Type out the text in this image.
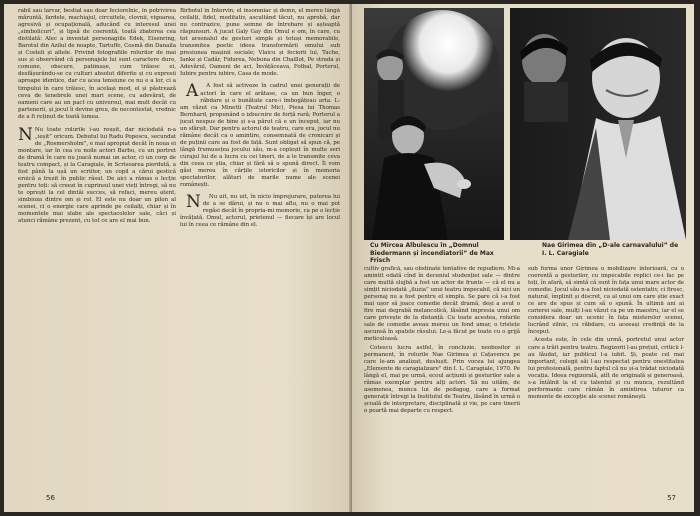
rabil sau larvar, bestial sau doar feciorelnic, în potrivirea măruntă, fardele, machiajul, circuitele, clovnii, vigoarea, agresivă și ocupațională, aducând cu interesul unei „simbolicuri”, și lipsă de coerentă, toată zbaterea cea distilată: Alec a inventat personagiile Edek, Eisenring, Barotul din Azilul de noapte, Tartuffe, Cosmă din Danaila și Costeli și altele. Privind fotografiile rolurilor de mai sus și observând că personajele lui sunt caractere dure, comune, obscure, patimașe, cum trăiesc ei, desfășurându-se cu culturi absolut diferite și cu expresii aproape identice, dar cu acea tensiune ce nu e a lor, ci a timpului în care trăiesc, în același mod, el și păstrează ceva de tenebrele unei mari scene, cu adevărat, de oameni care au un pact cu universul, mai mult decât cu partenerii, și jocul îi devine greu, de necontestat, vrednic de a fi reținut de toată lumea.

N Nu toate rolurile i-au reușit, dar niciodată n-a „ieșit” oricum. Debutul lui Radu Popescu, secundat de „Rosmersholm”, e mai apropiat decât în noua ei montare, iar în cea cu noile actori Barbu, cu un portret de dramă în care nu joacă numai un actor, ci un corp de teatru compact, și la Caragiale, în Scrisoarea pierdută, a fost până la ușă un scriitor, un copil a cărui gestică eroică a trezit în public râsul. De aici a rămas o lecție pentru toți: să creezi în cuprinsul unei vieți întregi, să nu te oprești la cel dintâi succes, să refaci, mereu atent, simbioza dintre om și rol. El este nu doar un pilon al scenei, ci o energie care aprinde pe ceilalți, chiar și în momentele mai slabe ale spectacolelor sale, căci și atunci rămâne prezent, cu tot ce are el mai bun.

Birbotul în Intervin, el insomniac și demn, el mereu lângă ceilalți, fidel, meditativ, ascultând tăcut, nu aprobă, dar nu contrazice, pune semne de întrebare și așteaptă răspunsuri. A jucat Galy Gay din Omul e om, în care, cu tot arsenalul de gesturi simple și totuși memorabile, transmitea poetic ideea transformării omului sub presiunea mașinii sociale; Vlaicu și feciorii lui, Tache, Ianke și Cadâr, Fidurea, Nebuna din Chaillot, Pe strada și Adevărul, Oameni de aci, Învățăceava, Fotbal, Porterul, Iubire pentru iubire, Casa de mode.

A A fost să activeze în cadrul unei generații de actori în care el arătase, ca un bun înger, o răbdare și o bunătate care-i îmbogățeau arta. L-am văzut ca Minetti (Teatrul Mic), Piesa lui Thomas Bernhard, propunând o izbucnire de forță rară; Porterul a jucat nespus de bine și s-a părut că e un început, iar nu un sfârșit. Dar pentru actorul de teatru, care era, jocul nu rămâne decât ca o amintire, consemnată de cronicari și de puținii care au fost de față. Sunt obligat să spun că, pe lângă frumusețea jocului său, m-a copleșit în multe seri curajul lui de a lucra cu cei tineri, de a le transmite ceva din ceea ce știa, chiar și fără să o spună direct. Îl vom găsi mereu în cărțile istoricilor și în memoria spectatorilor, alături de marile nume ale scenei românești.

N Nu uit, nu uit, în nicio împrejurare, puterea lui de a se dărui, și nu o mai aflu, nu o mai pot regăsi decât în propria-mi memorie, ca pe o lecție învățată. Omul, actorul, prietenul — fiecare își are locul lui în ceea ce rămâne din el.

56
Cu Mircea Albulescu în „Domnul Biedermann și incendiatorii” de Max Frisch
Nae Girimea din „D-ale carnavalului” de I. L. Caragiale

cultiv grafică, sau obstinate tentative de repudiere. Mi-a amintit odată cînd în deceniul studenției sale — dintre care multă slujbă a fost un actor de frunte — că el nu a simțit niciodată „iluzia” unui teatru impecabil, că nici un personaj nu a fost pentru el simplu. Se pare că i-a fost mai ușor să joace comedie decât dramă, deși a avut o fire mai degrabă melancolică, lăsând impresia unui om care privește de la distanță. Cu toate acestea, rolurile sale de comedie aveau mereu un fond amar, o tristețe ascunsă în spatele râsului. Le-a făcut pe toate cu o grijă meticuloasă.

Cotescu lucra astfel, în concluzie, neobositor și permanent, în rolurile Nae Girimea și Cațavencu pe care le-am analizat, deslușit. Prin vocea lui ajungea „Elemente de caragializare” din I. L. Caragiale, 1970. Pe lângă el, mai pe urmă, ecoul acțiunii și gesturilor sale a rămas exemplar pentru alți actori. Să nu uităm, de asemenea, munca lui de pedagog, care a format generații întregi la Institutul de Teatru, lăsând în urmă o școală de interpretare, disciplinată și vie, pe care tinerii o poartă mai departe cu respect.

sub forma unor Girimea o mobilizare interioară, cu o coerentă a gesturilor, cu impecabile replici ce-i fac pe toți, în afară, să simtă că sunt în fața unui mare actor de comedie. Jocul său n-a fost niciodată ostentativ, ci firesc, natural, împlinit și discret, ca al unui om care știe exact ce are de spus și cum să o spună. În ultimii ani ai carierei sale, mulți l-au văzut ca pe un maestru, iar el se considera doar un ucenic în fața misterelor scenei, lucrând zilnic, cu răbdare, cu aceeași credință de la început.

Acesta este, în cele din urmă, portretul unui actor care a trăit pentru teatru. Regizorii l-au prețuit, criticii l-au lăudat, iar publicul l-a iubit. Și, poate cel mai important, colegii săi l-au respectat pentru onestitatea lui profesională, pentru faptul că nu și-a trădat niciodată vocația. Ideea regizorală, atît de originală și generoasă, s-a întâlnit la el cu talentul și cu munca, rezultând performanțe care rămân în amintirea tuturor ca momente de excepție ale scenei românești.

57
